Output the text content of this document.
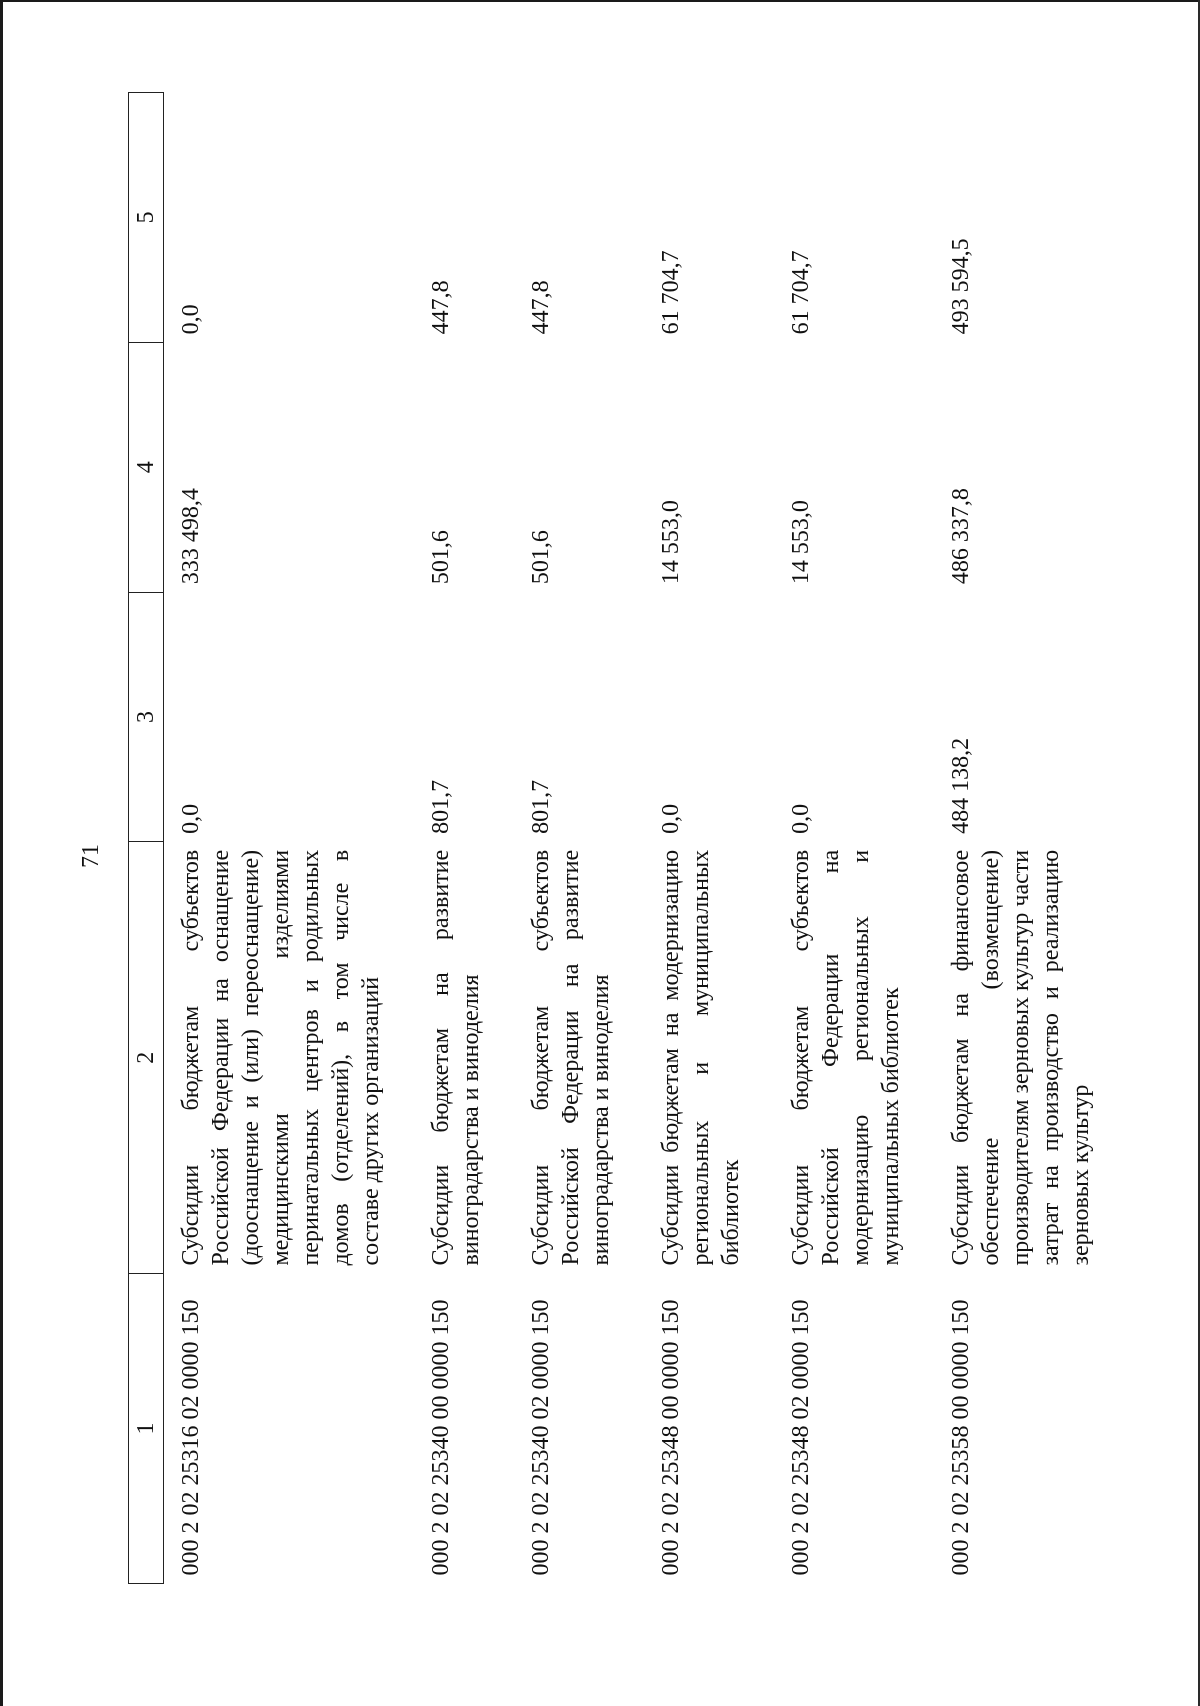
71
1	2	3	4	5
000 2 02 25316 02 0000 150	Субсидии бюджетам субъектов Российской Федерации на оснащение (дооснащение и (или) переоснащение) медицинскими изделиями перинатальных центров и родильных домов (отделений), в том числе в составе других организаций	0,0	333 498,4	0,0
000 2 02 25340 00 0000 150	Субсидии бюджетам на развитие виноградарства и виноделия	801,7	501,6	447,8
000 2 02 25340 02 0000 150	Субсидии бюджетам субъектов Российской Федерации на развитие виноградарства и виноделия	801,7	501,6	447,8
000 2 02 25348 00 0000 150	Субсидии бюджетам на модернизацию региональных и муниципальных библиотек	0,0	14 553,0	61 704,7
000 2 02 25348 02 0000 150	Субсидии бюджетам субъектов Российской Федерации на модернизацию региональных и муниципальных библиотек	0,0	14 553,0	61 704,7
000 2 02 25358 00 0000 150	Субсидии бюджетам на финансовое обеспечение (возмещение) производителям зерновых культур части затрат на производство и реализацию зерновых культур	484 138,2	486 337,8	493 594,5
